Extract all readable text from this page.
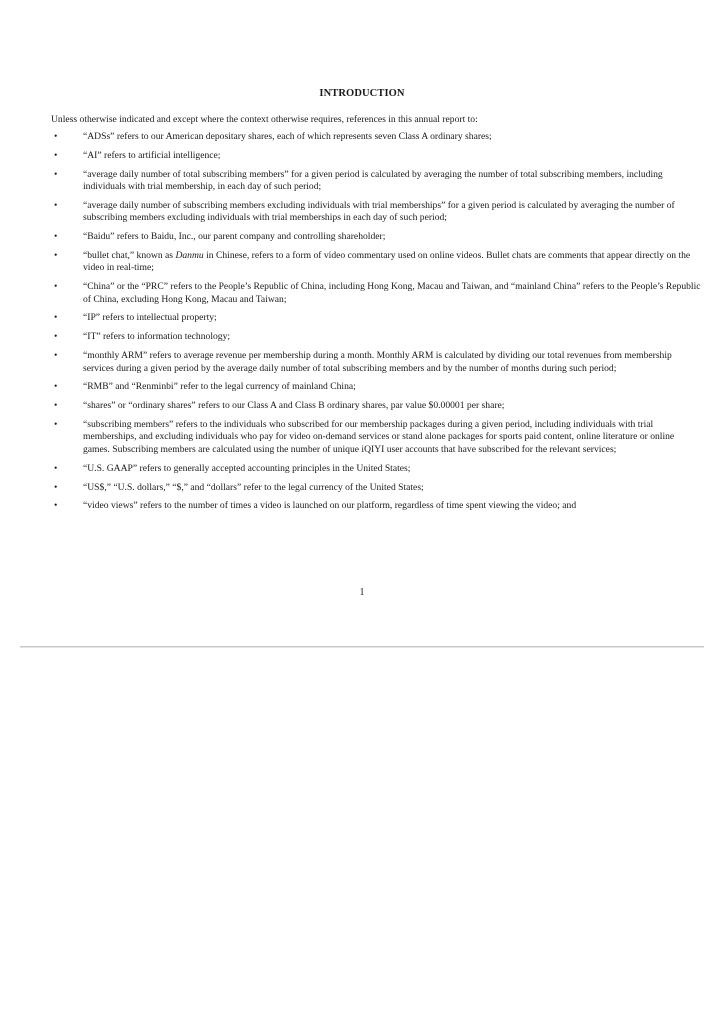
INTRODUCTION
Unless otherwise indicated and except where the context otherwise requires, references in this annual report to:
•	“ADSs” refers to our American depositary shares, each of which represents seven Class A ordinary shares;
•	“AI” refers to artificial intelligence;
•	“average daily number of total subscribing members” for a given period is calculated by averaging the number of total subscribing members, including individuals with trial membership, in each day of such period;
•	“average daily number of subscribing members excluding individuals with trial memberships” for a given period is calculated by averaging the number of subscribing members excluding individuals with trial memberships in each day of such period;
•	“Baidu” refers to Baidu, Inc., our parent company and controlling shareholder;
•	“bullet chat,” known as Danmu in Chinese, refers to a form of video commentary used on online videos. Bullet chats are comments that appear directly on the video in real-time;
•	“China” or the “PRC” refers to the People’s Republic of China, including Hong Kong, Macau and Taiwan, and “mainland China” refers to the People’s Republic of China, excluding Hong Kong, Macau and Taiwan;
•	“IP” refers to intellectual property;
•	“IT” refers to information technology;
•	“monthly ARM” refers to average revenue per membership during a month. Monthly ARM is calculated by dividing our total revenues from membership services during a given period by the average daily number of total subscribing members and by the number of months during such period;
•	“RMB” and “Renminbi” refer to the legal currency of mainland China;
•	“shares” or “ordinary shares” refers to our Class A and Class B ordinary shares, par value $0.00001 per share;
•	“subscribing members” refers to the individuals who subscribed for our membership packages during a given period, including individuals with trial memberships, and excluding individuals who pay for video on-demand services or stand alone packages for sports paid content, online literature or online games. Subscribing members are calculated using the number of unique iQIYI user accounts that have subscribed for the relevant services;
•	“U.S. GAAP” refers to generally accepted accounting principles in the United States;
•	“US$,” “U.S. dollars,” “$,” and “dollars” refer to the legal currency of the United States;
•	“video views” refers to the number of times a video is launched on our platform, regardless of time spent viewing the video; and
1
